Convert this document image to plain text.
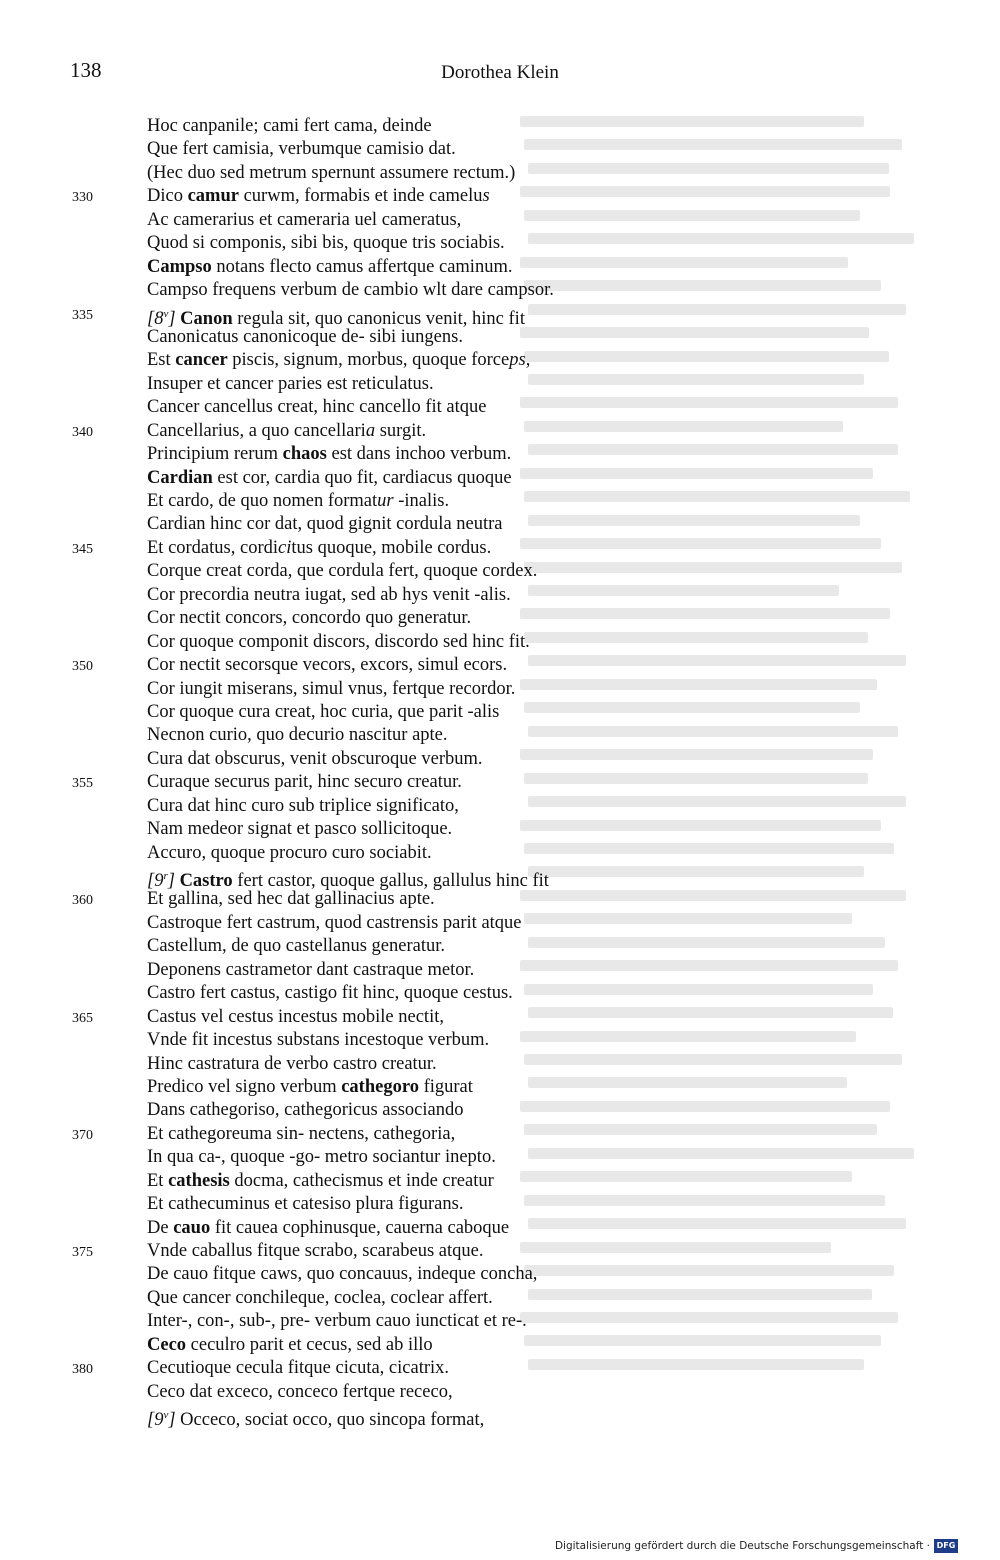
138	Dorothea Klein
Hoc canpanile; cami fert cama, deinde
Que fert camisia, verbumque camisio dat.
(Hec duo sed metrum spernunt assumere rectum.)
330	Dico camur curwm, formabis et inde camelus
Ac camerarius et cameraria uel cameratus,
Quod si componis, sibi bis, quoque tris sociabis.
Campso notans flecto camus affertque caminum.
Campso frequens verbum de cambio wlt dare campsor.
335	[8$^v$] Canon regula sit, quo canonicus venit, hinc fit
Canonicatus canonicoque de- sibi iungens.
Est cancer piscis, signum, morbus, quoque forceps,
Insuper et cancer paries est reticulatus.
Cancer cancellus creat, hinc cancello fit atque
340	Cancellarius, a quo cancellaria surgit.
Principium rerum chaos est dans inchoo verbum.
Cardian est cor, cardia quo fit, cardiacus quoque
Et cardo, de quo nomen formatur -inalis.
Cardian hinc cor dat, quod gignit cordula neutra
345	Et cordatus, cordicitus quoque, mobile cordus.
Corque creat corda, que cordula fert, quoque cordex.
Cor precordia neutra iugat, sed ab hys venit -alis.
Cor nectit concors, concordo quo generatur.
Cor quoque componit discors, discordo sed hinc fit.
350	Cor nectit secorsque vecors, excors, simul ecors.
Cor iungit miserans, simul vnus, fertque recordor.
Cor quoque cura creat, hoc curia, que parit -alis
Necnon curio, quo decurio nascitur apte.
Cura dat obscurus, venit obscuroque verbum.
355	Curaque securus parit, hinc securo creatur.
Cura dat hinc curo sub triplice significato,
Nam medeor signat et pasco sollicitoque.
Accuro, quoque procuro curo sociabit.
[9$^r$] Castro fert castor, quoque gallus, gallulus hinc fit
360	Et gallina, sed hec dat gallinacius apte.
Castroque fert castrum, quod castrensis parit atque
Castellum, de quo castellanus generatur.
Deponens castrametor dant castraque metor.
Castro fert castus, castigo fit hinc, quoque cestus.
365	Castus vel cestus incestus mobile nectit,
Vnde fit incestus substans incestoque verbum.
Hinc castratura de verbo castro creatur.
Predico vel signo verbum cathegoro figurat
Dans cathegoriso, cathegoricus associando
370	Et cathegoreuma sin- nectens, cathegoria,
In qua ca-, quoque -go- metro sociantur inepto.
Et cathesis docma, cathecismus et inde creatur
Et cathecuminus et catesiso plura figurans.
De cauo fit cauea cophinusque, cauerna caboque
375	Vnde caballus fitque scrabo, scarabeus atque.
De cauo fitque caws, quo concauus, indeque concha,
Que cancer conchileque, coclea, coclear affert.
Inter-, con-, sub-, pre- verbum cauo iuncticat et re-.
Ceco ceculro parit et cecus, sed ab illo
380	Cecutioque cecula fitque cicuta, cicatrix.
Ceco dat exceco, conceco fertque receco,
[9$^v$] Occeco, sociat occo, quo sincopa format,
Digitalisierung gefördert durch die Deutsche Forschungsgemeinschaft · DFG
